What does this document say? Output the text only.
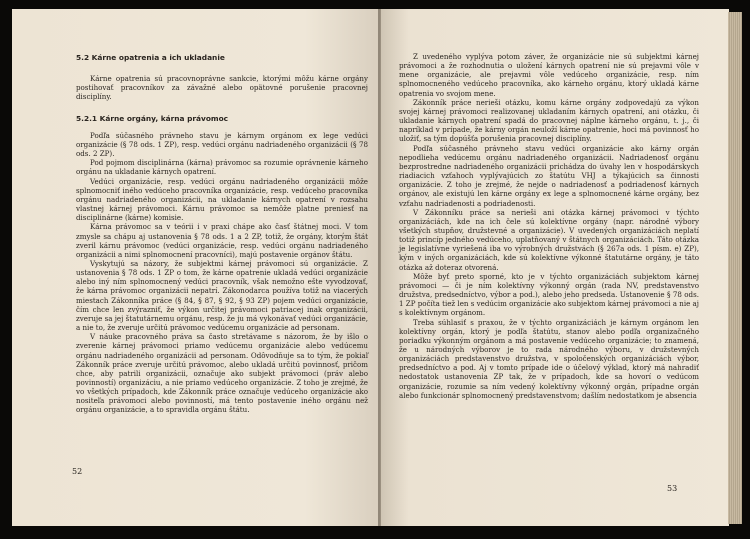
5.2 Kárne opatrenia a ich ukladanie

Kárne opatrenia sú pracovnoprávne sankcie, ktorými môžu kárne orgány postihovať pracovníkov za závažné alebo opätovné porušenie pracovnej disciplíny.

5.2.1 Kárne orgány, kárna právomoc

Podľa súčasného právneho stavu je kárnym orgánom ex lege vedúci organizácie (§ 78 ods. 1 ZP), resp. vedúci orgánu nadriadeného organizácii (§ 78 ods. 2 ZP).

Pod pojmom disciplinárna (kárna) právomoc sa rozumie oprávnenie kárneho orgánu na ukladanie kárnych opatrení.

Vedúci organizácie, resp. vedúci orgánu nadriadeného organizácii môže splnomocniť iného vedúceho pracovníka organizácie, resp. vedúceho pracovníka orgánu nadriadeného organizácii, na ukladanie kárnych opatrení v rozsahu vlastnej kárnej právomoci. Kárnu právomoc sa nemôže platne preniesť na disciplinárne (kárne) komisie.

Kárna právomoc sa v teórii i v praxi chápe ako časť štátnej moci. V tom zmysle sa chápu aj ustanovenia § 78 ods. 1 a 2 ZP, totiž, že orgány, ktorým štát zveril kárnu právomoc (vedúci organizácie, resp. vedúci orgánu nadriadeného organizácii a nimi splnomocnení pracovníci), majú postavenie orgánov štátu.

Vyskytujú sa názory, že subjektmi kárnej právomoci sú organizácie. Z ustanovenia § 78 ods. 1 ZP o tom, že kárne opatrenie ukladá vedúci organizácie alebo iný ním splnomocnený vedúci pracovník, však nemožno ešte vyvodzovať, že kárna právomoc organizácii nepatrí. Zákonodarca používa totiž na viacerých miestach Zákonníka práce (§ 84, § 87, § 92, § 93 ZP) pojem vedúci organizácie, čím chce len zvýrazniť, že výkon určitej právomoci patriacej inak organizácii, zveruje sa jej štatutárnemu orgánu, resp. že ju má vykonávať vedúci organizácie, a nie to, že zveruje určitú právomoc vedúcemu organizácie ad personam.

V náuke pracovného práva sa často stretávame s názorom, že by išlo o zverenie kárnej právomoci priamo vedúcemu organizácie alebo vedúcemu orgánu nadriadeného organizácii ad personam. Odôvodňuje sa to tým, že pokiaľ Zákonník práce zveruje určitú právomoc, alebo ukladá určitú povinnosť, pričom chce, aby patrili organizácii, označuje ako subjekt právomoci (práv alebo povinností) organizáciu, a nie priamo vedúceho organizácie. Z toho je zrejmé, že vo všetkých prípadoch, kde Zákonník práce označuje vedúceho organizácie ako nositeľa právomoci alebo povinností, má tento postavenie iného orgánu než orgánu organizácie, a to spravidla orgánu štátu.

52

Z uvedeného vyplýva potom záver, že organizácie nie sú subjektmi kárnej právomoci a že rozhodnutia o uložení kárnych opatrení nie sú prejavmi vôle v mene organizácie, ale prejavmi vôle vedúceho organizácie, resp. ním splnomocneného vedúceho pracovníka, ako kárneho orgánu, ktorý ukladá kárne opatrenia vo svojom mene.

Zákonník práce nerieši otázku, komu kárne orgány zodpovedajú za výkon svojej kárnej právomoci realizovanej ukladaním kárnych opatrení, ani otázku, či ukladanie kárnych opatrení spadá do pracovnej náplne kárneho orgánu, t. j., či napríklad v prípade, že kárny orgán neuloží kárne opatrenie, hoci má povinnosť ho uložiť, sa tým dopúšťa porušenia pracovnej disciplíny.

Podľa súčasného právneho stavu vedúci organizácie ako kárny orgán nepodlieha vedúcemu orgánu nadriadeného organizácii. Nadriadenosť orgánu bezprostredne nadriadeného organizácii prichádza do úvahy len v hospodárskych riadiacich vzťahoch vyplývajúcich zo štatútu VHJ a týkajúcich sa činnosti organizácie. Z toho je zrejmé, že nejde o nadriadenosť a podriadenosť kárnych orgánov, ale existujú len kárne orgány ex lege a splnomocnené kárne orgány, bez vzťahu nadriadenosti a podriadenosti.

V Zákonníku práce sa nerieši ani otázka kárnej právomoci v týchto organizáciách, kde na ich čele sú kolektívne orgány (napr. národné výbory všetkých stupňov, družstevné a organizácie). V uvedených organizáciách neplatí totiž princíp jedného vedúceho, uplatňovaný v štátnych organizáciách. Táto otázka je legislatívne vyriešená iba vo výrobných družstvách (§ 267a ods. 1 písm. e) ZP), kým v iných organizáciách, kde sú kolektívne výkonné štatutárne orgány, je táto otázka až doteraz otvorená.

Môže byť preto sporné, kto je v týchto organizáciách subjektom kárnej právomoci — či je ním kolektívny výkonný orgán (rada NV, predstavenstvo družstva, predsedníctvo, výbor a pod.), alebo jeho predseda. Ustanovenie § 78 ods. 1 ZP počíta tiež len s vedúcim organizácie ako subjektom kárnej právomoci a nie aj s kolektívnym orgánom.

Treba súhlasiť s praxou, že v týchto organizáciách je kárnym orgánom len kolektívny orgán, ktorý je podľa štatútu, stanov alebo podľa organizačného poriadku výkonným orgánom a má postavenie vedúceho organizácie; to znamená, že u národných výborov je to rada národného výboru, v družstevných organizáciách predstavenstvo družstva, v spoločenských organizáciách výbor, predsedníctvo a pod. Aj v tomto prípade ide o účelový výklad, ktorý má nahradiť nedostatok ustanovenia ZP tak, že v prípadoch, kde sa hovorí o vedúcom organizácie, rozumie sa ním vedený kolektívny výkonný orgán, prípadne orgán alebo funkcionár splnomocnený predstavenstvom; dašlím nedostatkom je absencia

53
